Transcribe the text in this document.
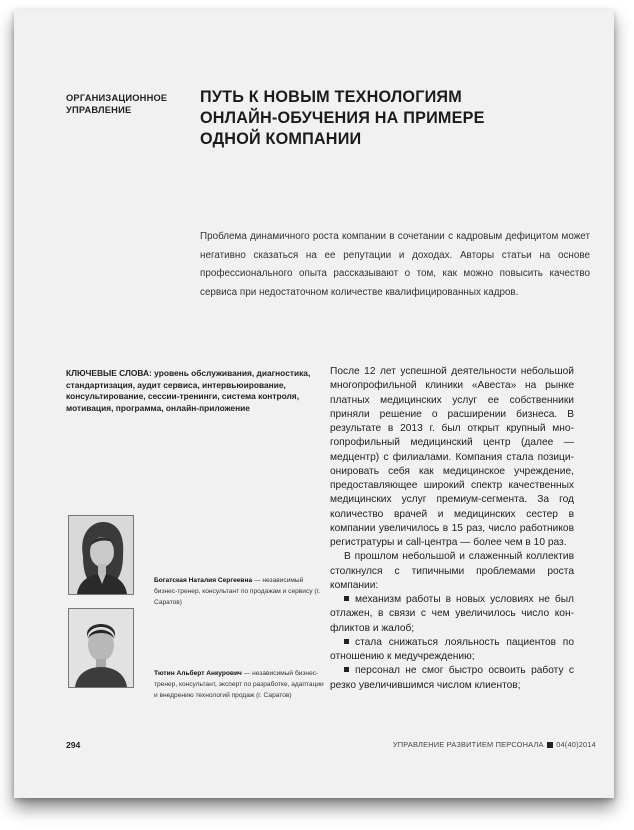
ОРГАНИЗАЦИОННОЕ УПРАВЛЕНИЕ
ПУТЬ К НОВЫМ ТЕХНОЛОГИЯМ ОНЛАЙН-ОБУЧЕНИЯ НА ПРИМЕРЕ ОДНОЙ КОМПАНИИ
Проблема динамичного роста компании в сочетании с кадровым дефицитом может негативно сказаться на ее репутации и доходах. Авторы статьи на основе профессионального опыта рассказывают о том, как можно повысить качество сервиса при недостаточном количестве квалифицированных кадров.
КЛЮЧЕВЫЕ СЛОВА: уровень обслуживания, диагностика, стандартизация, аудит сервиса, интервьюирование, консультирование, сессии-тренинги, система контроля, мотивация, программа, онлайн-приложение

После 12 лет успешной деятельности небольшой многопрофильной клиники «Авеста» на рынке платных медицинских услуг ее собственники приняли решение о расширении бизнеса. В результате в 2013 г. был открыт крупный многопрофильный медицинский центр (далее — медцентр) с филиалами. Компания стала позиционировать себя как медицинское учреждение, предоставляющее широкий спектр качественных медицинских услуг премиум-сегмента. За год количество врачей и медицинских сестер в компании увеличилось в 15 раз, число работников регистратуры и call-центра — более чем в 10 раз.

В прошлом небольшой и слаженный коллектив столкнулся с типичными проблемами роста компании:

механизм работы в новых условиях не был отлажен, в связи с чем увеличилось число конфликтов и жалоб;

стала снижаться лояльность пациентов по отношению к медучреждению;

персонал не смог быстро освоить работу с резко увеличившимся числом клиентов;

Богатская Наталия Сергеевна — независимый бизнес-тренер, консультант по продажам и сервису (г. Саратов)
Тютин Альберт Анкурович — независимый бизнес-тренер, консультант, эксперт по разработке, адаптации и внедрению технологий продаж (г. Саратов)
294	УПРАВЛЕНИЕ РАЗВИТИЕМ ПЕРСОНАЛА 04(40)2014
